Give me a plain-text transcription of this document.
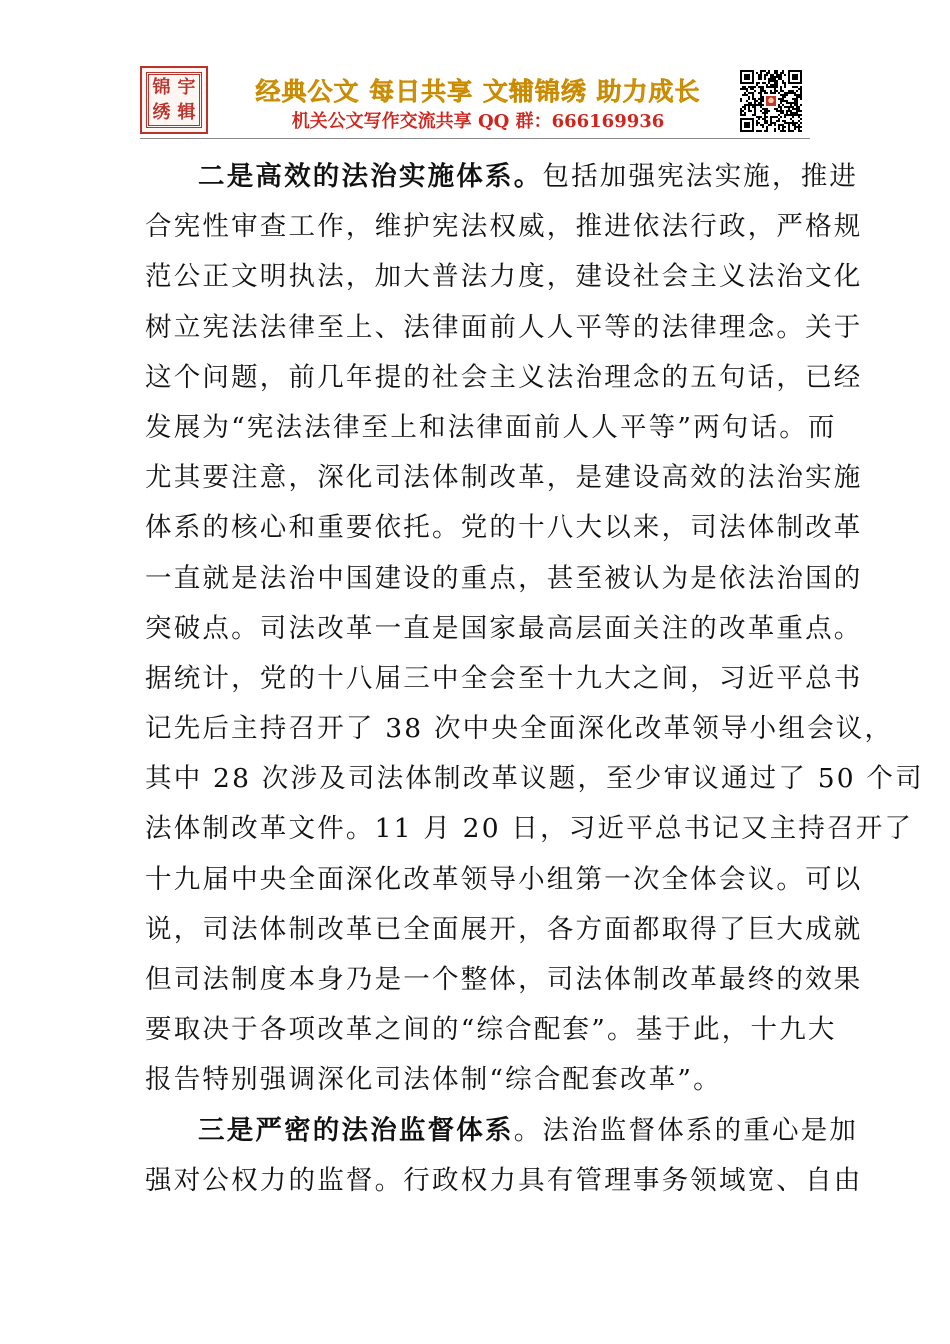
锦 宇
绣 辑
经典公文 每日共享 文辅锦绣 助力成长
机关公文写作交流共享 QQ 群：666169936
二是高效的法治实施体系。包括加强宪法实施，推进
合宪性审查工作，维护宪法权威，推进依法行政，严格规
范公正文明执法，加大普法力度，建设社会主义法治文化
树立宪法法律至上、法律面前人人平等的法律理念。关于
这个问题，前几年提的社会主义法治理念的五句话，已经
发展为“宪法法律至上和法律面前人人平等”两句话。而
尤其要注意，深化司法体制改革，是建设高效的法治实施
体系的核心和重要依托。党的十八大以来，司法体制改革
一直就是法治中国建设的重点，甚至被认为是依法治国的
突破点。司法改革一直是国家最高层面关注的改革重点。
据统计，党的十八届三中全会至十九大之间，习近平总书
记先后主持召开了 38 次中央全面深化改革领导小组会议，
其中 28 次涉及司法体制改革议题，至少审议通过了 50 个司
法体制改革文件。11 月 20 日，习近平总书记又主持召开了
十九届中央全面深化改革领导小组第一次全体会议。可以
说，司法体制改革已全面展开，各方面都取得了巨大成就
但司法制度本身乃是一个整体，司法体制改革最终的效果
要取决于各项改革之间的“综合配套”。基于此，十九大
报告特别强调深化司法体制“综合配套改革”。
三是严密的法治监督体系。法治监督体系的重心是加
强对公权力的监督。行政权力具有管理事务领域宽、自由
